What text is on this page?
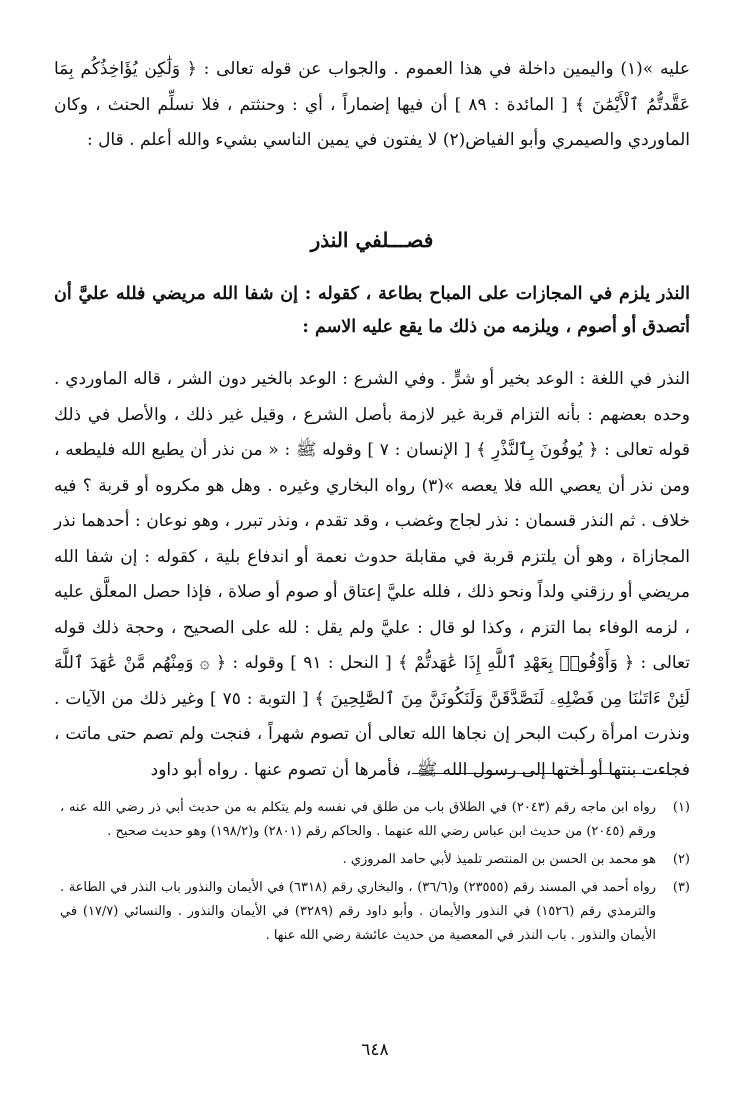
عليه »(١) واليمين داخلة في هذا العموم . والجواب عن قوله تعالى : ﴿ وَلَٰكِن يُؤَاخِذُكُم بِمَا عَقَّدتُّمُ ٱلْأَيْمَٰنَ ﴾ [ المائدة : ٨٩ ] أن فيها إضماراً ، أي : وحنثتم ، فلا نسلِّم الحنث ، وكان الماوردي والصيمري وأبو الفياض(٢) لا يفتون في يمين الناسي بشيء والله أعلم . قال :

فصـــلفي النذر

النذر يلزم في المجازات على المباح بطاعة ، كقوله : إن شفا الله مريضي فلله عليَّ أن أتصدق أو أصوم ، ويلزمه من ذلك ما يقع عليه الاسم :

النذر في اللغة : الوعد بخير أو شرٍّ . وفي الشرع : الوعد بالخير دون الشر ، قاله الماوردي . وحده بعضهم : بأنه التزام قربة غير لازمة بأصل الشرع ، وقيل غير ذلك ، والأصل في ذلك قوله تعالى : ﴿ يُوفُونَ بِٱلنَّذْرِ ﴾ [ الإنسان : ٧ ] وقوله ﷺ : « من نذر أن يطيع الله فليطعه ، ومن نذر أن يعصي الله فلا يعصه »(٣) رواه البخاري وغيره . وهل هو مكروه أو قربة ؟ فيه خلاف . ثم النذر قسمان : نذر لجاج وغضب ، وقد تقدم ، ونذر تبرر ، وهو نوعان : أحدهما نذر المجازاة ، وهو أن يلتزم قربة في مقابلة حدوث نعمة أو اندفاع بلية ، كقوله : إن شفا الله مريضي أو رزقني ولداً ونحو ذلك ، فلله عليَّ إعتاق أو صوم أو صلاة ، فإذا حصل المعلَّق عليه ، لزمه الوفاء بما التزم ، وكذا لو قال : عليَّ ولم يقل : لله على الصحيح ، وحجة ذلك قوله تعالى : ﴿ وَأَوْفُوا۟ بِعَهْدِ ٱللَّهِ إِذَا عَٰهَدتُّمْ ﴾ [ النحل : ٩١ ] وقوله : ﴿ ۞ وَمِنْهُم مَّنْ عَٰهَدَ ٱللَّهَ لَئِنْ ءَاتَىٰنَا مِن فَضْلِهِۦ لَنَصَّدَّقَنَّ وَلَنَكُونَنَّ مِنَ ٱلصَّٰلِحِينَ ﴾ [ التوبة : ٧٥ ] وغير ذلك من الآيات . ونذرت امرأة ركبت البحر إن نجاها الله تعالى أن تصوم شهراً ، فنجت ولم تصم حتى ماتت ، فجاءت بنتها أو أختها إلى رسول الله ﷺ ، فأمرها أن تصوم عنها . رواه أبو داود

(١)
رواه ابن ماجه رقم (٢٠٤٣) في الطلاق باب من طلق في نفسه ولم يتكلم به من حديث أبي ذر رضي الله عنه ، ورقم (٢٠٤٥) من حديث ابن عباس رضي الله عنهما . والحاكم رقم (٢٨٠١) و(١٩٨/٢) وهو حديث صحيح .
(٢)
هو محمد بن الحسن بن المنتصر تلميذ لأبي حامد المروزي .
(٣)
رواه أحمد في المسند رقم (٢٣٥٥٥) و(٣٦/٦) ، والبخاري رقم (٦٣١٨) في الأيمان والنذور باب النذر في الطاعة . والترمذي رقم (١٥٢٦) في النذور والأيمان . وأبو داود رقم (٣٢٨٩) في الأيمان والنذور . والنسائي (١٧/٧) في الأيمان والنذور . باب النذر في المعصية من حديث عائشة رضي الله عنها .
٦٤٨
